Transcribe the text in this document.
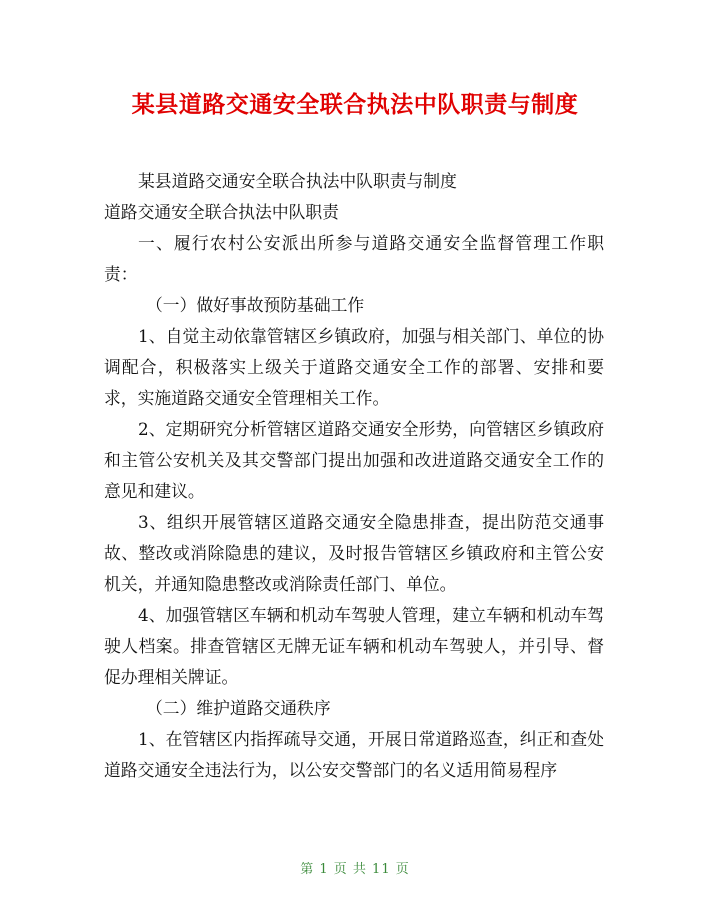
某县道路交通安全联合执法中队职责与制度

某县道路交通安全联合执法中队职责与制度

道路交通安全联合执法中队职责

一、履行农村公安派出所参与道路交通安全监督管理工作职责：

（一）做好事故预防基础工作

1、自觉主动依靠管辖区乡镇政府，加强与相关部门、单位的协调配合，积极落实上级关于道路交通安全工作的部署、安排和要求，实施道路交通安全管理相关工作。

2、定期研究分析管辖区道路交通安全形势，向管辖区乡镇政府和主管公安机关及其交警部门提出加强和改进道路交通安全工作的意见和建议。

3、组织开展管辖区道路交通安全隐患排查，提出防范交通事故、整改或消除隐患的建议，及时报告管辖区乡镇政府和主管公安机关，并通知隐患整改或消除责任部门、单位。

4、加强管辖区车辆和机动车驾驶人管理，建立车辆和机动车驾驶人档案。排查管辖区无牌无证车辆和机动车驾驶人，并引导、督促办理相关牌证。

（二）维护道路交通秩序

1、在管辖区内指挥疏导交通，开展日常道路巡查，纠正和查处道路交通安全违法行为，以公安交警部门的名义适用简易程序

第 1 页 共 11 页
